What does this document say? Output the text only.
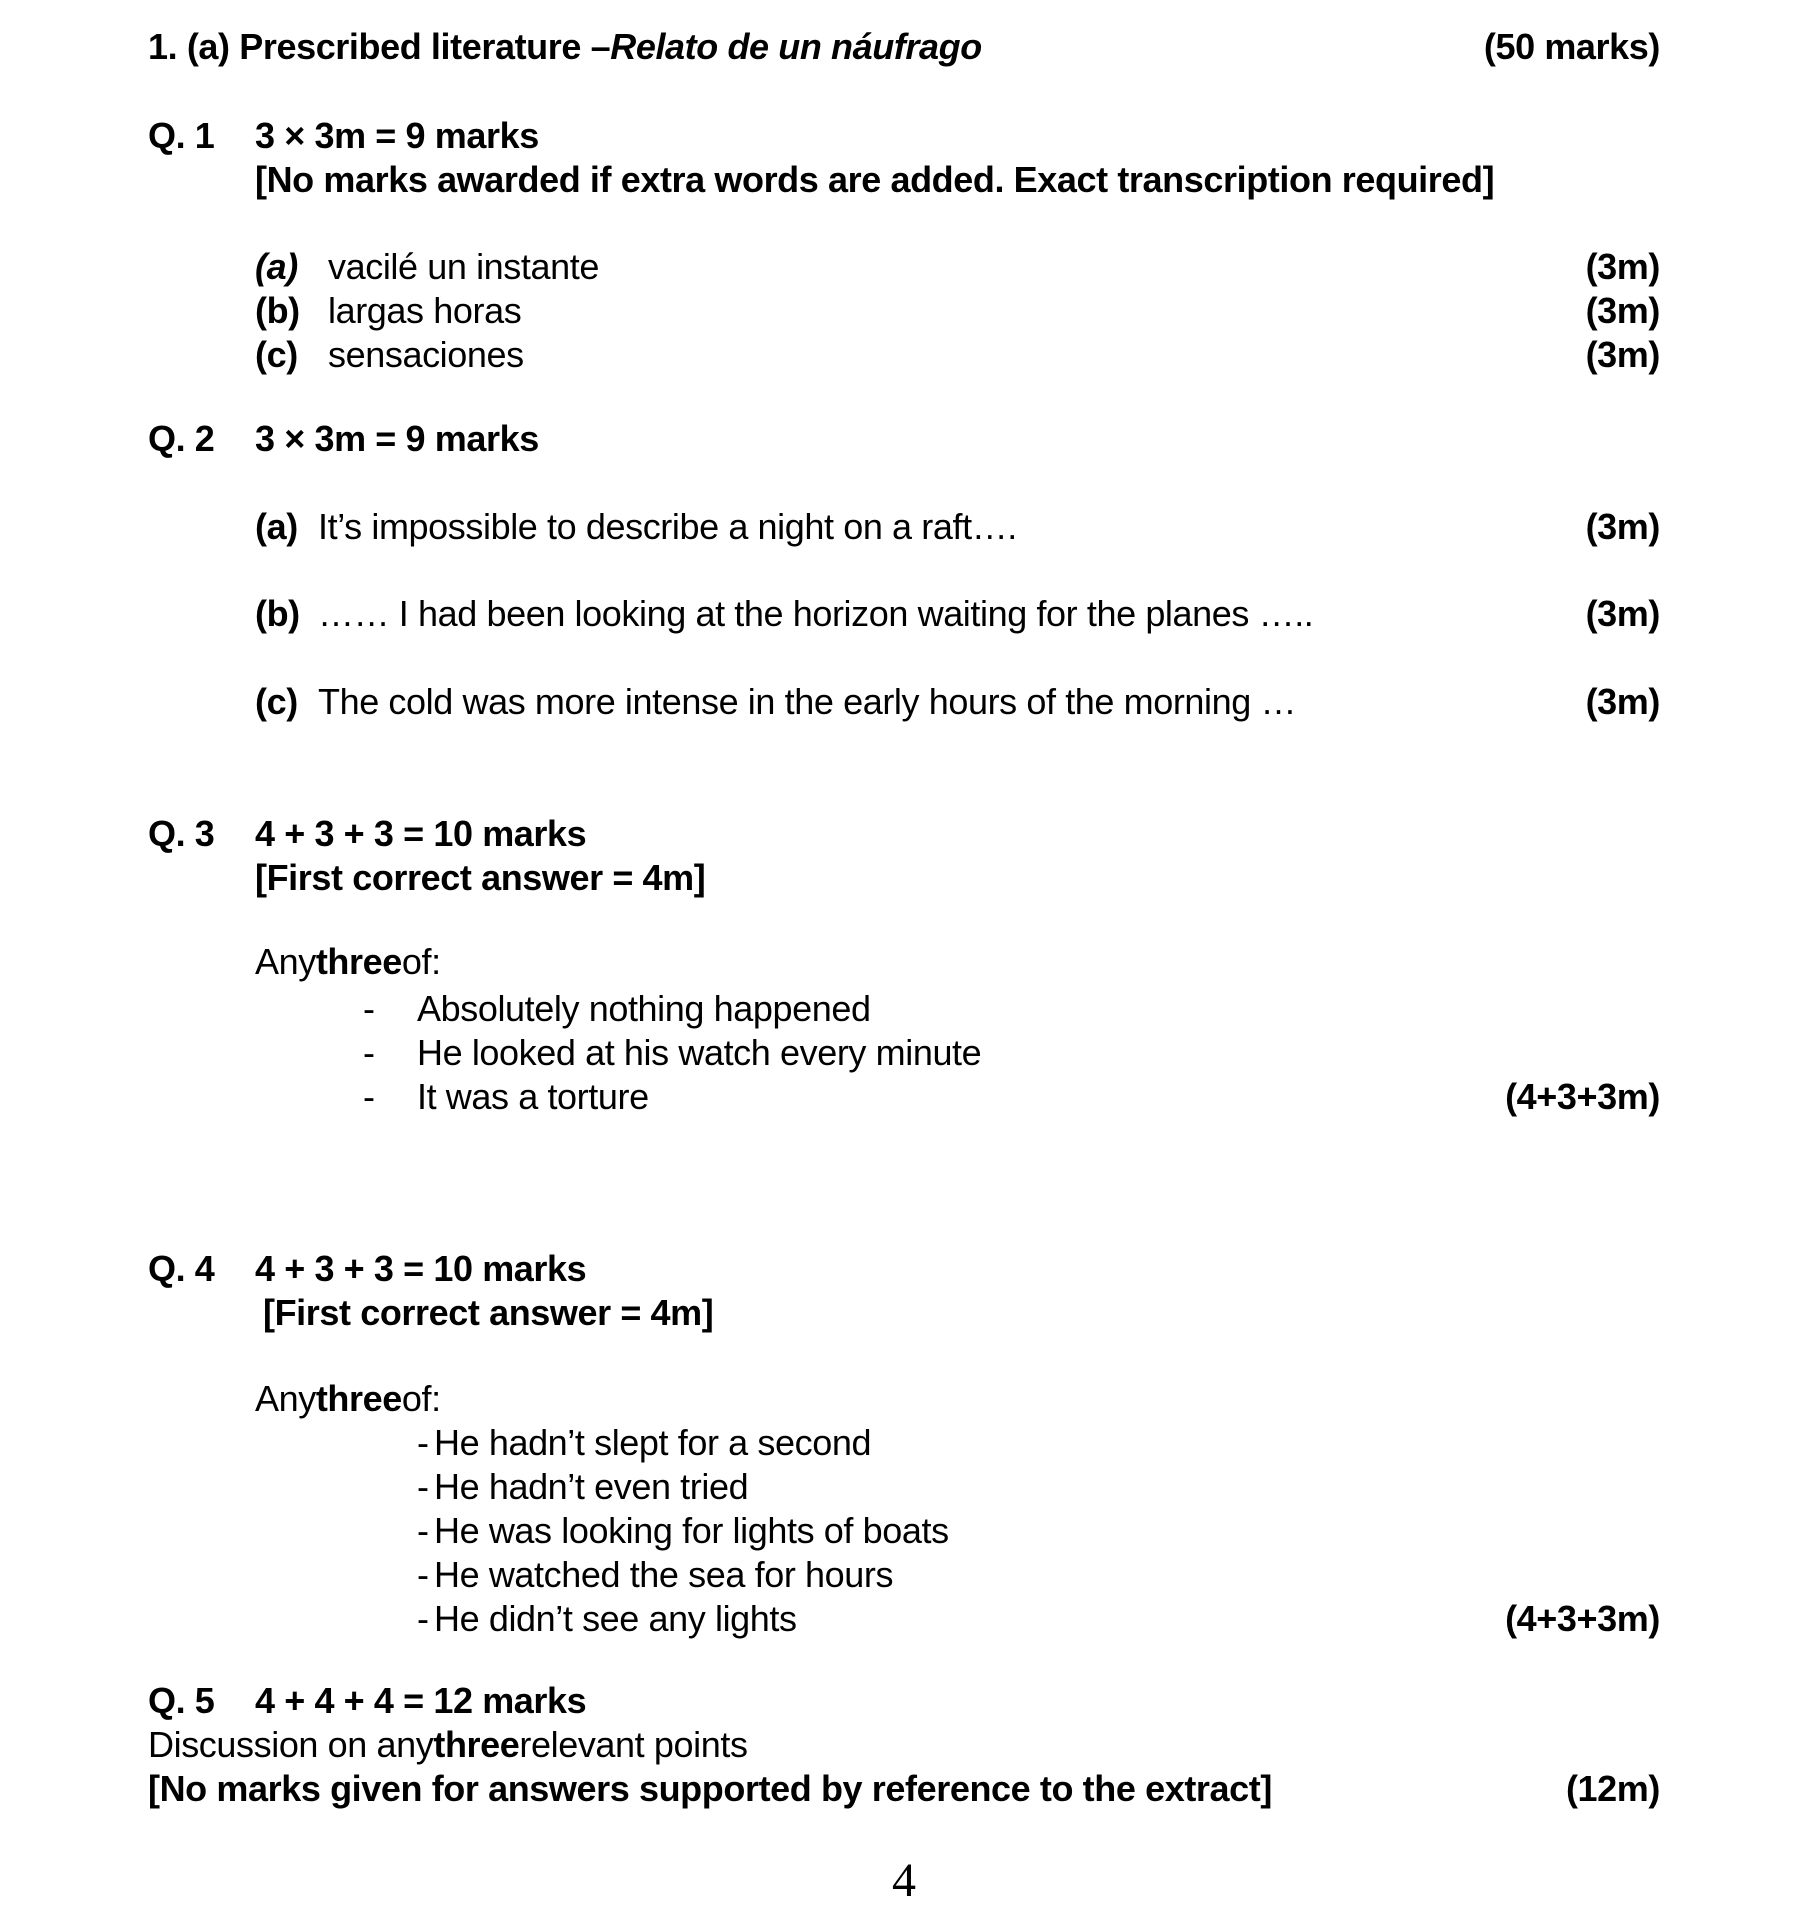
1. (a) Prescribed literature – Relato de un náufrago	(50 marks)
Q. 1	3 × 3m = 9 marks
[No marks awarded if extra words are added. Exact transcription required]
(a) vacilé un instante	(3m)
(b) largas horas	(3m)
(c) sensaciones	(3m)
Q. 2	3 × 3m = 9 marks
(a) It’s impossible to describe a night on a raft….	(3m)
(b) …… I had been looking at the horizon waiting for the planes …..	(3m)
(c) The cold was more intense in the early hours of the morning …	(3m)
Q. 3	4 + 3 + 3 = 10 marks
[First correct answer = 4m]
Any three of:
-	Absolutely nothing happened
-	He looked at his watch every minute
-	It was a torture	(4+3+3m)
Q. 4	4 + 3 + 3 = 10 marks
[First correct answer = 4m]
Any three of:
- He hadn’t slept for a second
- He hadn’t even tried
- He was looking for lights of boats
- He watched the sea for hours
- He didn’t see any lights	(4+3+3m)
Q. 5	4 + 4 + 4 = 12 marks
Discussion on any three relevant points
[No marks given for answers supported by reference to the extract]	(12m)
4
